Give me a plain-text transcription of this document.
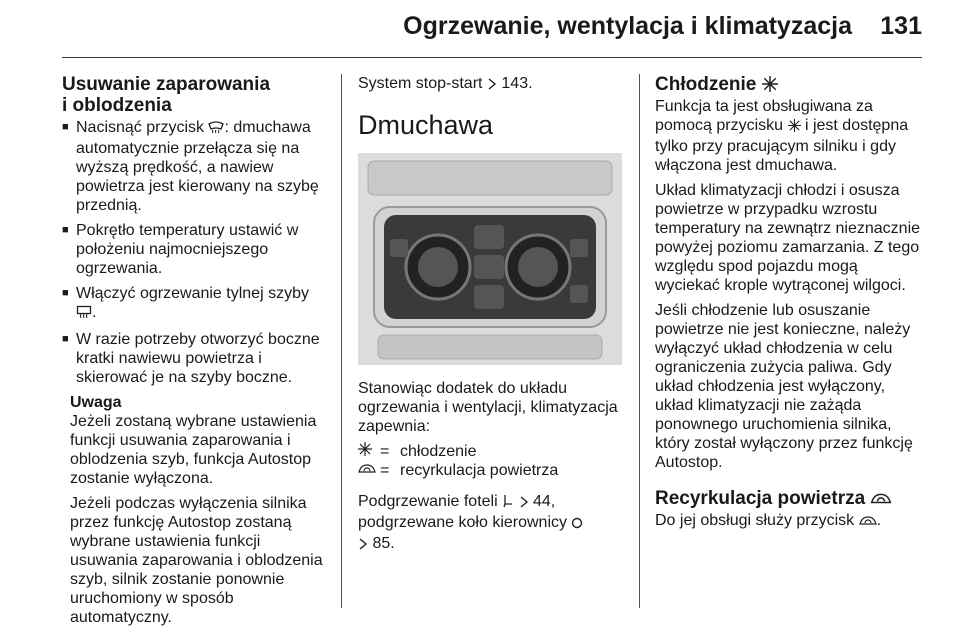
Ogrzewanie, wentylacja i klimatyzacja 131
Usuwanie zaparowania
i oblodzenia
■ Nacisnąć przycisk : dmuchawa automatycznie przełącza się na wyższą prędkość, a nawiew powietrza jest kierowany na szybę przednią.
■ Pokrętło temperatury ustawić w położeniu najmocniejszego ogrzewania.
■ Włączyć ogrzewanie tylnej szyby .
■ W razie potrzeby otworzyć boczne kratki nawiewu powietrza i skierować je na szyby boczne.

Uwaga

Jeżeli zostaną wybrane ustawienia funkcji usuwania zaparowania i oblodzenia szyb, funkcja Autostop zostanie wyłączona.

Jeżeli podczas wyłączenia silnika przez funkcję Autostop zostaną wybrane ustawienia funkcji usuwania zaparowania i oblodzenia szyb, silnik zostanie ponownie uruchomiony w sposób automatyczny.

System stop-start 143.

Dmuchawa

Stanowiąc dodatek do układu ogrzewania i wentylacji, klimatyzacja zapewnia:

= chłodzenie
= recyrkulacja powietrza

Podgrzewanie foteli 44,
podgrzewane koło kierownicy
85.

Chłodzenie

Funkcja ta jest obsługiwana za pomocą przycisku  i jest dostępna tylko przy pracującym silniku i gdy włączona jest dmuchawa.

Układ klimatyzacji chłodzi i osusza powietrze w przypadku wzrostu temperatury na zewnątrz nieznacznie powyżej poziomu zamarzania. Z tego względu spod pojazdu mogą wyciekać krople wytrąconej wilgoci.

Jeśli chłodzenie lub osuszanie powietrze nie jest konieczne, należy wyłączyć układ chłodzenia w celu ograniczenia zużycia paliwa. Gdy układ chłodzenia jest wyłączony, układ klimatyzacji nie zażąda ponownego uruchomienia silnika, który został wyłączony przez funkcję Autostop.

Recyrkulacja powietrza

Do jej obsługi służy przycisk .
